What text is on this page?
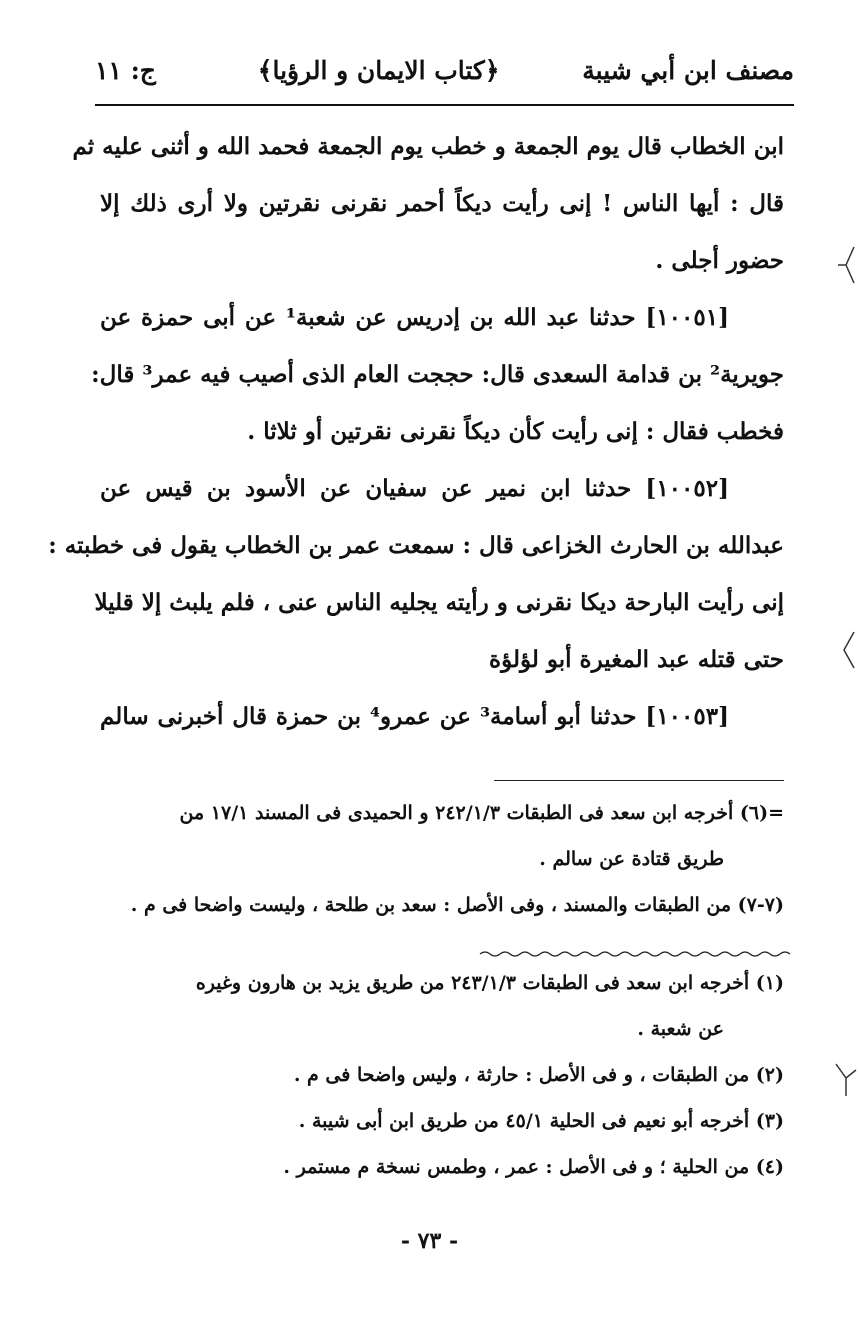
مصنف ابن أبي شيبة
﴿كتاب الايمان و الرؤيا﴾
ج: ١١
ابن الخطاب قال يوم الجمعة و خطب يوم الجمعة فحمد الله و أثنى عليه ثم
قال : أيها الناس ! إنى رأيت ديكاً أحمر نقرنى نقرتين ولا أرى ذلك إلا
حضور أجلى .
[١٠٠٥١] حدثنا عبد الله بن إدريس عن شعبة¹ عن أبى حمزة عن
جويرية² بن قدامة السعدى قال: حججت العام الذى أصيب فيه عمر³ قال:
فخطب فقال : إنى رأيت كأن ديكاً نقرنى نقرتين أو ثلاثا .
[١٠٠٥٢] حدثنا ابن نمير عن سفيان عن الأسود بن قيس عن
عبدالله بن الحارث الخزاعى قال : سمعت عمر بن الخطاب يقول فى خطبته :
إنى رأيت البارحة ديكا نقرنى و رأيته يجليه الناس عنى ، فلم يلبث إلا قليلا
حتى قتله عبد المغيرة أبو لؤلؤة
[١٠٠٥٣] حدثنا أبو أسامة³ عن عمرو⁴ بن حمزة قال أخبرنى سالم
=(٦) أخرجه ابن سعد فى الطبقات ٢٤٢/١/٣ و الحميدى فى المسند ١٧/١ من
طريق قتادة عن سالم .
(٧-٧) من الطبقات والمسند ، وفى الأصل : سعد بن طلحة ، وليست واضحا فى م .
(١) أخرجه ابن سعد فى الطبقات ٢٤٣/١/٣ من طريق يزيد بن هارون وغيره
عن شعبة .
(٢) من الطبقات ، و فى الأصل : حارثة ، وليس واضحا فى م .
(٣) أخرجه أبو نعيم فى الحلية ٤٥/١ من طريق ابن أبى شيبة .
(٤) من الحلية ؛ و فى الأصل : عمر ، وطمس نسخة م مستمر .
- ٧٣ -
